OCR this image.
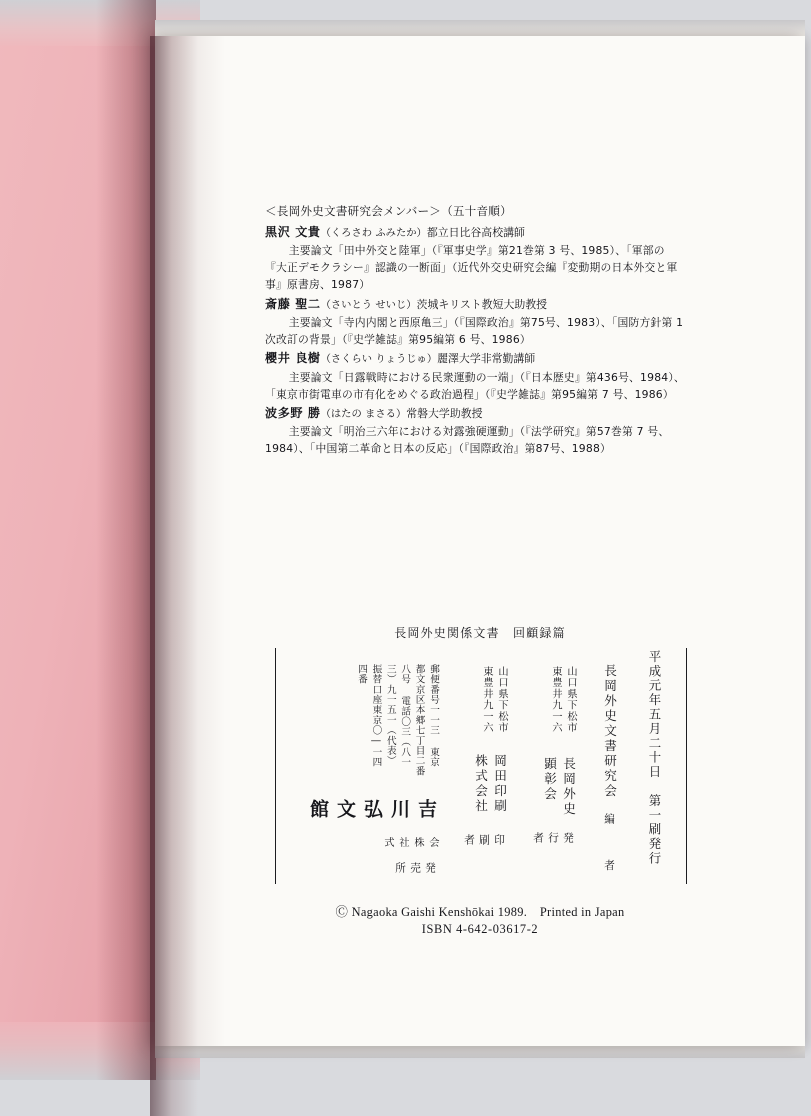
＜長岡外史文書研究会メンバー＞（五十音順）
黒沢 文貴（くろさわ ふみたか）都立日比谷高校講師
主要論文「田中外交と陸軍」（『軍事史学』第21巻第 3 号、1985）、「軍部の『大正デモクラシー』認識の一断面」（近代外交史研究会編『変動期の日本外交と軍事』原書房、1987）
斎藤 聖二（さいとう せいじ）茨城キリスト教短大助教授
主要論文「寺内内閣と西原亀三」（『国際政治』第75号、1983）、「国防方針第 1 次改訂の背景」（『史学雑誌』第95編第 6 号、1986）
櫻井 良樹（さくらい りょうじゅ）麗澤大学非常勤講師
主要論文「日露戦時における民衆運動の一端」（『日本歴史』第436号、1984）、「東京市街電車の市有化をめぐる政治過程」（『史学雑誌』第95編第 7 号、1986）
波多野 勝（はたの まさる）常磐大学助教授
主要論文「明治三六年における対露強硬運動」（『法学研究』第57巻第 7 号、1984）、「中国第二革命と日本の反応」（『国際政治』第87号、1988）
長岡外史関係文書　回顧録篇
平成元年五月二十日　第一刷発行
長岡外史文書研究会
編　　者
山口県下松市東豊井九一六
長岡外史顕彰会
発 行 者
山口県下松市東豊井九一六
岡田印刷株式会社
印 刷 者
郵便番号一一三 東京都文京区本郷七丁目二番八号 電話〇三（八一三）九一五一（代表） 振替口座東京〇―一四四番
吉川弘文館
会株 社式
発売所
Ⓒ Nagaoka Gaishi Kenshōkai 1989.　Printed in Japan
ISBN 4-642-03617-2
